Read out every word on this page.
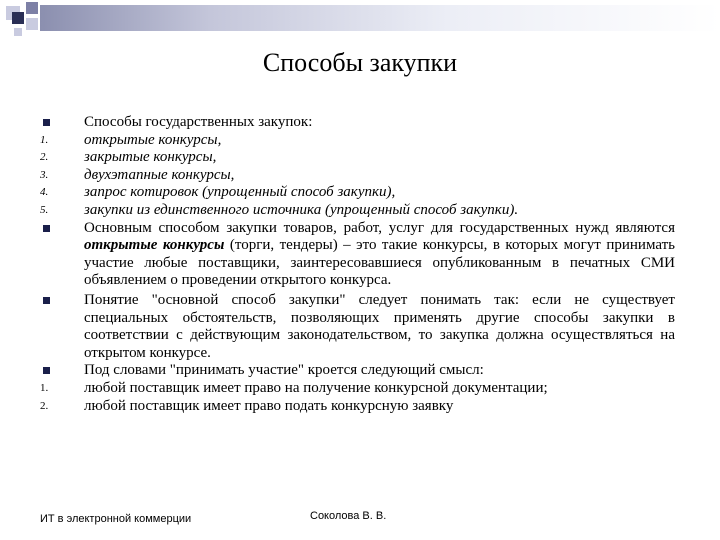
Способы закупки
Способы государственных закупок:
1.	открытые конкурсы,
2.	закрытые конкурсы,
3.	двухэтапные конкурсы,
4.	запрос котировок (упрощенный способ закупки),
5.	закупки из единственного источника (упрощенный способ закупки).
Основным способом закупки товаров, работ, услуг для государственных нужд являются открытые конкурсы (торги, тендеры) – это такие конкурсы, в которых могут принимать участие любые поставщики, заинтересовавшиеся опубликованным в печатных СМИ объявлением о проведении открытого конкурса.
Понятие "основной способ закупки" следует понимать так: если не существует специальных обстоятельств, позволяющих применять другие способы закупки в соответствии с действующим законодательством, то закупка должна осуществляться на открытом конкурсе.
Под словами "принимать участие" кроется следующий смысл:
1.	любой поставщик имеет право на получение конкурсной документации;
2.	любой поставщик имеет право подать конкурсную заявку
ИТ в электронной коммерции	Соколова В. В.
